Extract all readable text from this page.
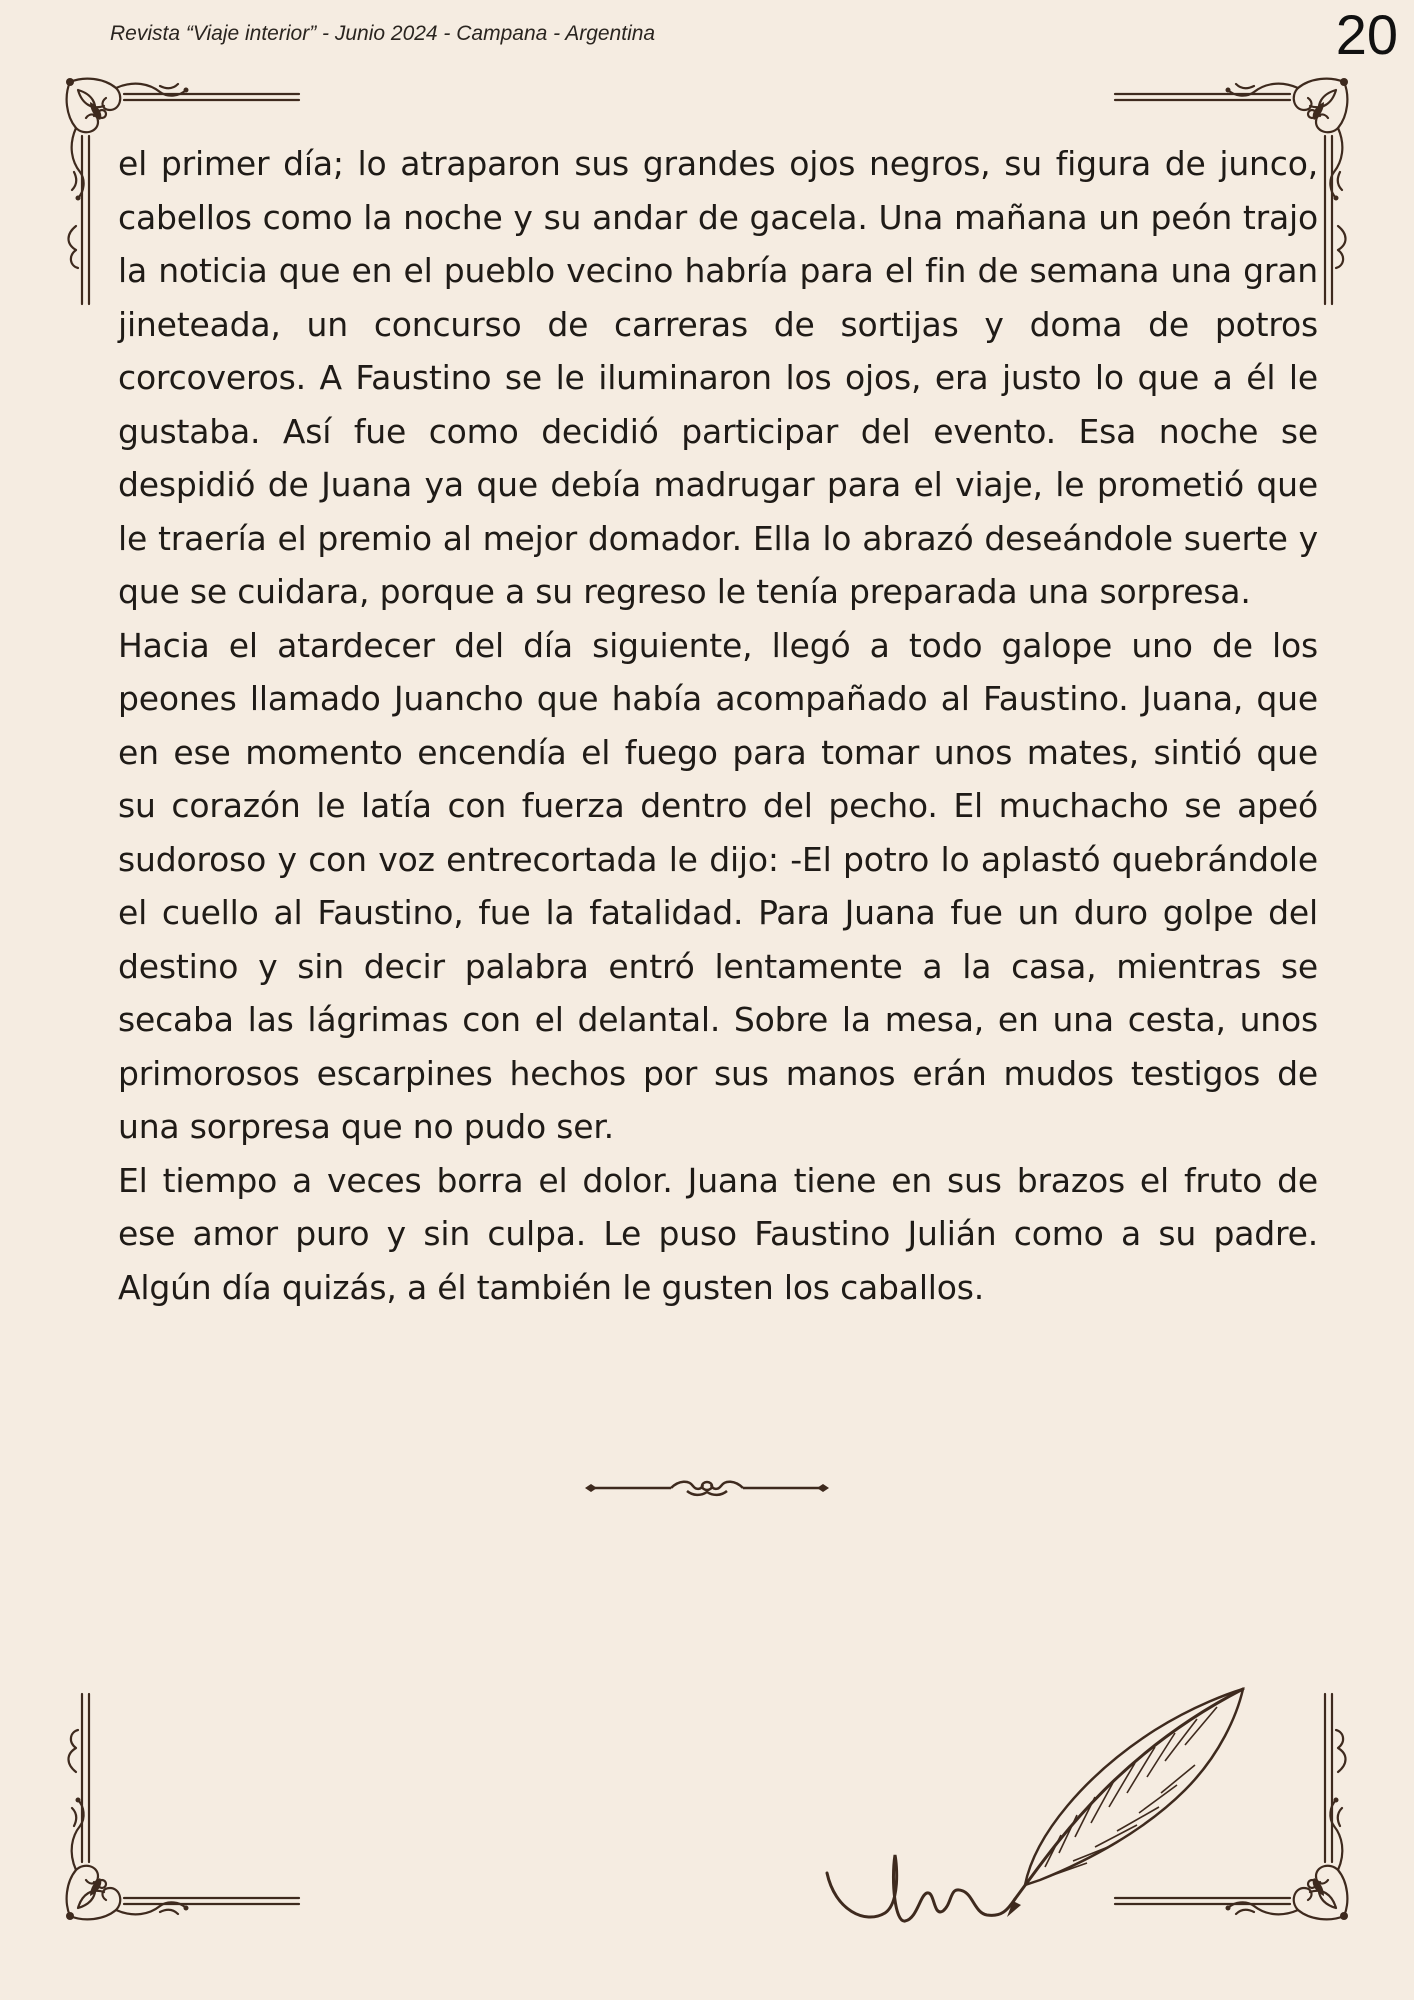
Revista “Viaje interior” - Junio 2024 - Campana - Argentina	20

el primer día; lo atraparon sus grandes ojos negros, su figura de junco, cabellos como la noche y su andar de gacela. Una mañana un peón trajo la noticia que en el pueblo vecino habría para el fin de semana una gran jineteada, un concurso de carreras de sortijas y doma de potros corcoveros. A Faustino se le iluminaron los ojos, era justo lo que a él le gustaba. Así fue como decidió participar del evento. Esa noche se despidió de Juana ya que debía madrugar para el viaje, le prometió que le traería el premio al mejor domador. Ella lo abrazó deseándole suerte y que se cuidara, porque a su regreso le tenía preparada una sorpresa.

Hacia el atardecer del día siguiente, llegó a todo galope uno de los peones llamado Juancho que había acompañado al Faustino. Juana, que en ese momento encendía el fuego para tomar unos mates, sintió que su corazón le latía con fuerza dentro del pecho. El muchacho se apeó sudoroso y con voz entrecortada le dijo: -El potro lo aplastó quebrándole el cuello al Faustino, fue la fatalidad. Para Juana fue un duro golpe del destino y sin decir palabra entró lentamente a la casa, mientras se secaba las lágrimas con el delantal. Sobre la mesa, en una cesta, unos primorosos escarpines hechos por sus manos erán mudos testigos de una sorpresa que no pudo ser.

El tiempo a veces borra el dolor. Juana tiene en sus brazos el fruto de ese amor puro y sin culpa. Le puso Faustino Julián como a su padre. Algún día quizás, a él también le gusten los caballos.
